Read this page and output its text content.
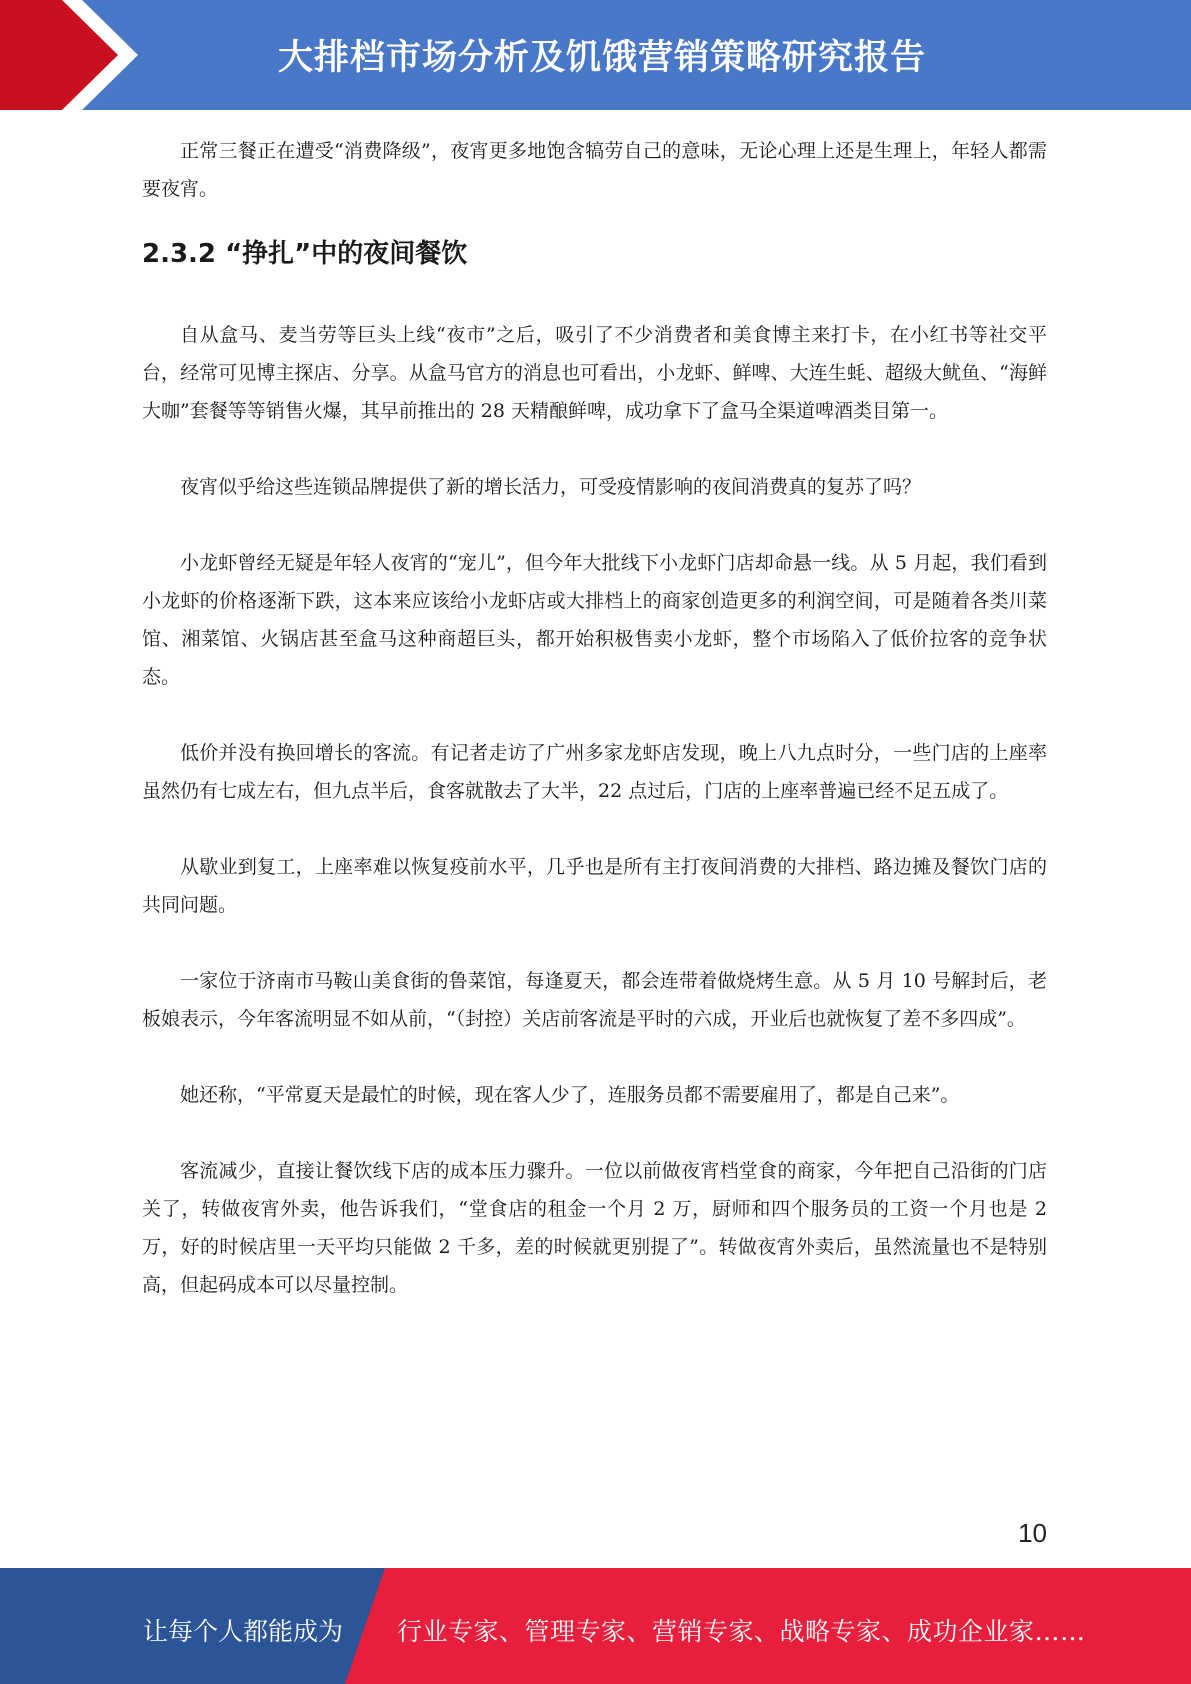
大排档市场分析及饥饿营销策略研究报告

正常三餐正在遭受“消费降级”，夜宵更多地饱含犒劳自己的意味，无论心理上还是生理上，年轻人都需要夜宵。

2.3.2 “挣扎”中的夜间餐饮

自从盒马、麦当劳等巨头上线“夜市”之后，吸引了不少消费者和美食博主来打卡，在小红书等社交平台，经常可见博主探店、分享。从盒马官方的消息也可看出，小龙虾、鲜啤、大连生蚝、超级大鱿鱼、“海鲜大咖”套餐等等销售火爆，其早前推出的 28 天精酿鲜啤，成功拿下了盒马全渠道啤酒类目第一。

夜宵似乎给这些连锁品牌提供了新的增长活力，可受疫情影响的夜间消费真的复苏了吗？

小龙虾曾经无疑是年轻人夜宵的“宠儿”，但今年大批线下小龙虾门店却命悬一线。从 5 月起，我们看到小龙虾的价格逐渐下跌，这本来应该给小龙虾店或大排档上的商家创造更多的利润空间，可是随着各类川菜馆、湘菜馆、火锅店甚至盒马这种商超巨头，都开始积极售卖小龙虾，整个市场陷入了低价拉客的竞争状态。

低价并没有换回增长的客流。有记者走访了广州多家龙虾店发现，晚上八九点时分，一些门店的上座率虽然仍有七成左右，但九点半后，食客就散去了大半，22 点过后，门店的上座率普遍已经不足五成了。

从歇业到复工，上座率难以恢复疫前水平，几乎也是所有主打夜间消费的大排档、路边摊及餐饮门店的共同问题。

一家位于济南市马鞍山美食街的鲁菜馆，每逢夏天，都会连带着做烧烤生意。从 5 月 10 号解封后，老板娘表示，今年客流明显不如从前，“（封控）关店前客流是平时的六成，开业后也就恢复了差不多四成”。

她还称，“平常夏天是最忙的时候，现在客人少了，连服务员都不需要雇用了，都是自己来”。

客流减少，直接让餐饮线下店的成本压力骤升。一位以前做夜宵档堂食的商家，今年把自己沿街的门店关了，转做夜宵外卖，他告诉我们，“堂食店的租金一个月 2 万，厨师和四个服务员的工资一个月也是 2 万，好的时候店里一天平均只能做 2 千多，差的时候就更别提了”。转做夜宵外卖后，虽然流量也不是特别高，但起码成本可以尽量控制。

10
让每个人都能成为 行业专家、管理专家、营销专家、战略专家、成功企业家……
